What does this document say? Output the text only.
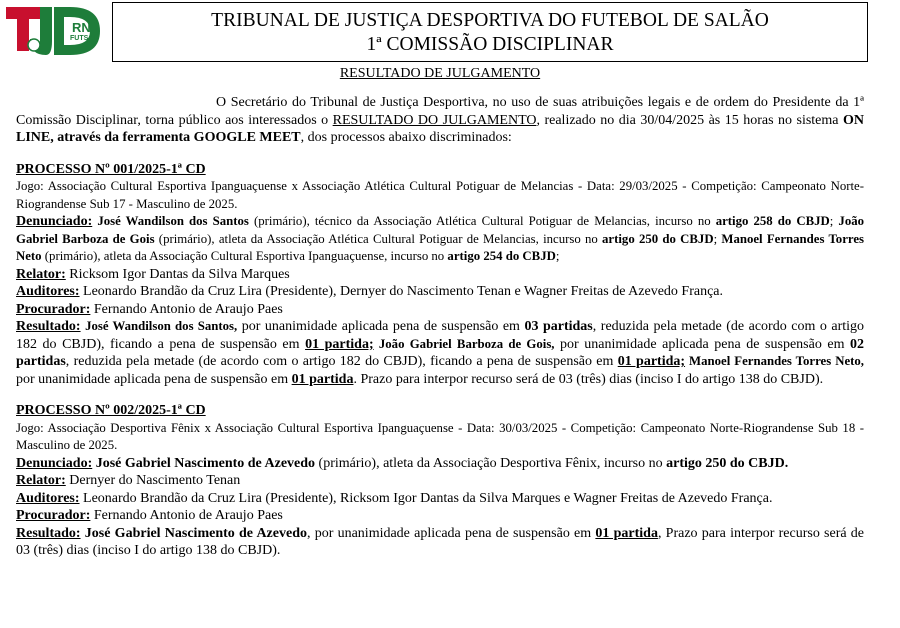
RN
FUTSAL
TRIBUNAL DE JUSTIÇA DESPORTIVA DO FUTEBOL DE SALÃO
1ª COMISSÃO DISCIPLINAR
RESULTADO DE JULGAMENTO

O Secretário do Tribunal de Justiça Desportiva, no uso de suas atribuições legais e de ordem do Presidente da 1ª Comissão Disciplinar, torna público aos interessados o RESULTADO DO JULGAMENTO, realizado no dia 30/04/2025 às 15 horas no sistema ON LINE, através da ferramenta GOOGLE MEET, dos processos abaixo discriminados:

PROCESSO Nº 001/2025-1ª CD

Jogo: Associação Cultural Esportiva Ipanguaçuense x Associação Atlética Cultural Potiguar de Melancias - Data: 29/03/2025 - Competição: Campeonato Norte-Riograndense Sub 17 - Masculino de 2025.

Denunciado: José Wandilson dos Santos (primário), técnico da Associação Atlética Cultural Potiguar de Melancias, incurso no artigo 258 do CBJD; João Gabriel Barboza de Gois (primário), atleta da Associação Atlética Cultural Potiguar de Melancias, incurso no artigo 250 do CBJD; Manoel Fernandes Torres Neto (primário), atleta da Associação Cultural Esportiva Ipanguaçuense, incurso no artigo 254 do CBJD;

Relator: Ricksom Igor Dantas da Silva Marques

Auditores: Leonardo Brandão da Cruz Lira (Presidente), Dernyer do Nascimento Tenan e Wagner Freitas de Azevedo França.

Procurador: Fernando Antonio de Araujo Paes

Resultado: José Wandilson dos Santos, por unanimidade aplicada pena de suspensão em 03 partidas, reduzida pela metade (de acordo com o artigo 182 do CBJD), ficando a pena de suspensão em 01 partida; João Gabriel Barboza de Gois, por unanimidade aplicada pena de suspensão em 02 partidas, reduzida pela metade (de acordo com o artigo 182 do CBJD), ficando a pena de suspensão em 01 partida; Manoel Fernandes Torres Neto, por unanimidade aplicada pena de suspensão em 01 partida. Prazo para interpor recurso será de 03 (três) dias (inciso I do artigo 138 do CBJD).

PROCESSO Nº 002/2025-1ª CD

Jogo: Associação Desportiva Fênix x Associação Cultural Esportiva Ipanguaçuense - Data: 30/03/2025 - Competição: Campeonato Norte-Riograndense Sub 18 - Masculino de 2025.

Denunciado: José Gabriel Nascimento de Azevedo (primário), atleta da Associação Desportiva Fênix, incurso no artigo 250 do CBJD.

Relator: Dernyer do Nascimento Tenan

Auditores: Leonardo Brandão da Cruz Lira (Presidente), Ricksom Igor Dantas da Silva Marques e Wagner Freitas de Azevedo França.

Procurador: Fernando Antonio de Araujo Paes

Resultado: José Gabriel Nascimento de Azevedo, por unanimidade aplicada pena de suspensão em 01 partida, Prazo para interpor recurso será de 03 (três) dias (inciso I do artigo 138 do CBJD).
